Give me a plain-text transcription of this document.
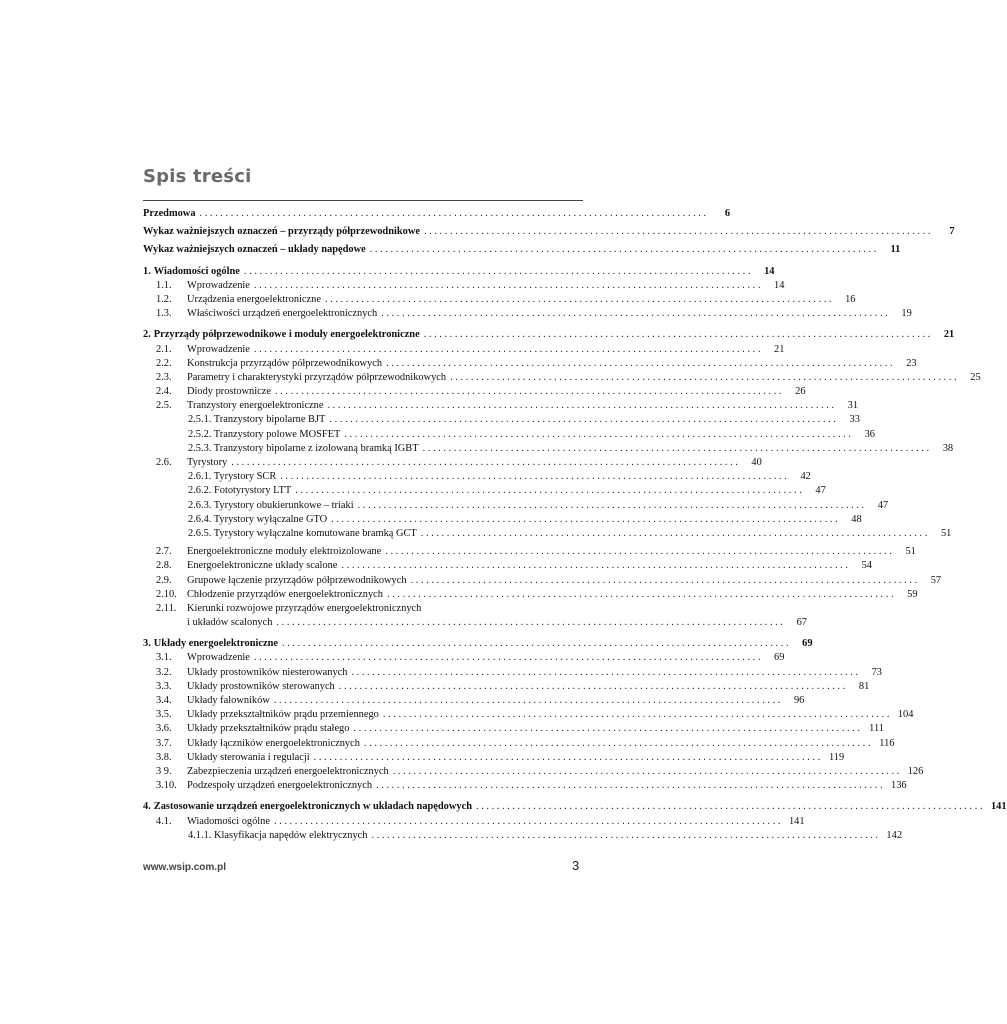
Spis treści
Przedmowa . . .	6
Wykaz ważniejszych oznaczeń – przyrządy półprzewodnikowe . . .	7
Wykaz ważniejszych oznaczeń – układy napędowe . . .	11
1. Wiadomości ogólne . . .	14
1.1. Wprowadzenie . . .	14
1.2. Urządzenia energoelektroniczne . . .	16
1.3. Właściwości urządzeń energoelektronicznych . . .	19
2. Przyrządy półprzewodnikowe i moduły energoelektroniczne . . .	21
2.1. Wprowadzenie . . .	21
2.2. Konstrukcja przyrządów półprzewodnikowych . . .	23
2.3. Parametry i charakterystyki przyrządów półprzewodnikowych . . .	25
2.4. Diody prostownicze . . .	26
2.5. Tranzystory energoelektroniczne . . .	31
2.5.1. Tranzystory bipolarne BJT . . .	33
2.5.2. Tranzystory polowe MOSFET . . .	36
2.5.3. Tranzystory bipolarne z izolowaną bramką IGBT . . .	38
2.6. Tyrystory . . .	40
2.6.1. Tyrystory SCR . . .	42
2.6.2. Fototyrystory LTT . . .	47
2.6.3. Tyrystory obukierunkowe – triaki . . .	47
2.6.4. Tyrystory wyłączalne GTO . . .	48
2.6.5. Tyrystory wyłączalne komutowane bramką GCT . . .	51
2.7. Energoelektroniczne moduły elektroizolowane . . .	51
2.8. Energoelektroniczne układy scalone . . .	54
2.9. Grupowe łączenie przyrządów półprzewodnikowych . . .	57
2.10. Chłodzenie przyrządów energoelektronicznych . . .	59
2.11. Kierunki rozwojowe przyrządów energoelektronicznych
i układów scalonych . . .	67
3. Układy energoelektroniczne . . .	69
3.1. Wprowadzenie . . .	69
3.2. Układy prostowników niesterowanych . . .	73
3.3. Układy prostowników sterowanych . . .	81
3.4. Układy falowników . . .	96
3.5. Układy przekształtników prądu przemiennego . . .	104
3.6. Układy przekształtników prądu stałego . . .	111
3.7. Układy łączników energoelektronicznych . . .	116
3.8. Układy sterowania i regulacji . . .	119
3 9. Zabezpieczenia urządzeń energoelektronicznych . . .	126
3.10. Podzespoły urządzeń energoelektronicznych . . .	136
4. Zastosowanie urządzeń energoelektronicznych w układach napędowych . . .	141
4.1. Wiadomości ogólne . . .	141
4.1.1. Klasyfikacja napędów elektrycznych . . .	142
www.wsip.com.pl	3
